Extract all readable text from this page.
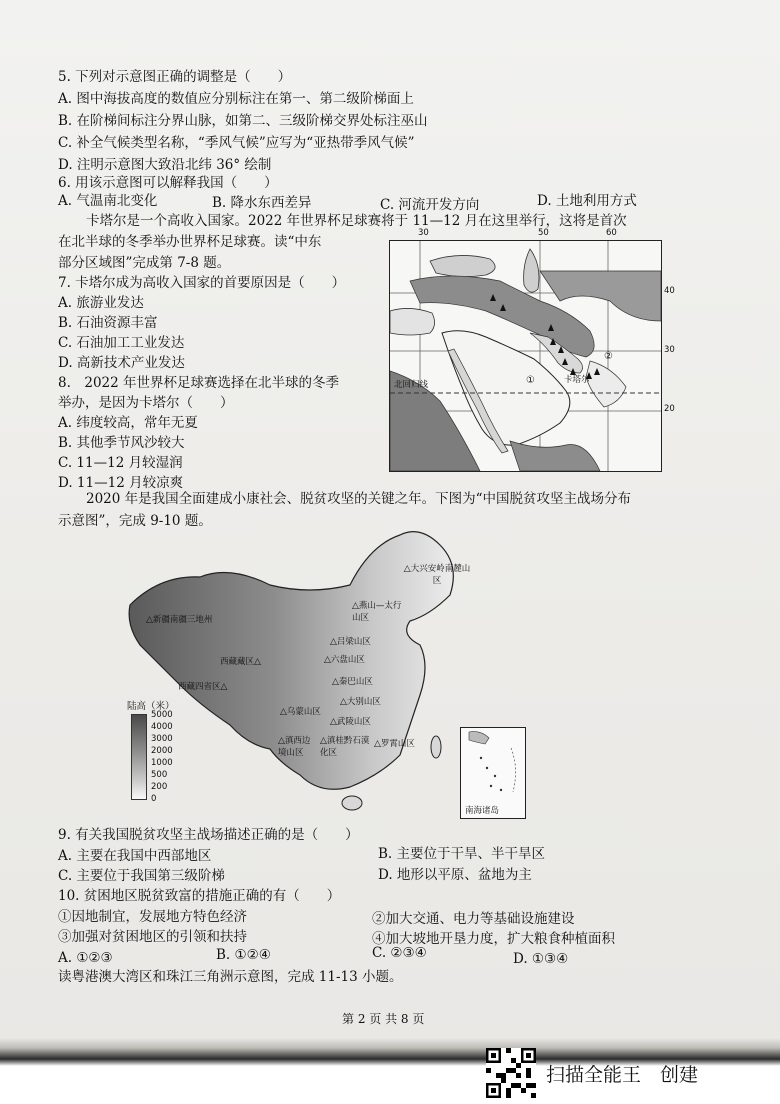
5. 下列对示意图正确的调整是（　　）
A. 图中海拔高度的数值应分别标注在第一、第二级阶梯面上
B. 在阶梯间标注分界山脉，如第二、三级阶梯交界处标注巫山
C. 补全气候类型名称，“季风气候”应写为“亚热带季风气候”
D. 注明示意图大致沿北纬 36° 绘制
6. 用该示意图可以解释我国（　　）
A. 气温南北变化	B. 降水东西差异	C. 河流开发方向	D. 土地利用方式
卡塔尔是一个高收入国家。2022 年世界杯足球赛将于 11—12 月在这里举行，这将是首次
在北半球的冬季举办世界杯足球赛。读“中东
部分区域图”完成第 7-8 题。
7. 卡塔尔成为高收入国家的首要原因是（　　）
A. 旅游业发达
B. 石油资源丰富
C. 石油加工工业发达
D. 高新技术产业发达
8.　2022 年世界杯足球赛选择在北半球的冬季
举办，是因为卡塔尔（　　）
A. 纬度较高，常年无夏
B. 其他季节风沙较大
C. 11—12 月较湿润
D. 11—12 月较凉爽
30	50	60
40
30
20
北回归线	①
②
卡塔尔
2020 年是我国全面建成小康社会、脱贫攻坚的关键之年。下图为“中国脱贫攻坚主战场分布
示意图”，完成 9-10 题。
△大兴安岭南麓山区
△燕山—太行山区
△新疆南疆三地州
△吕梁山区
△六盘山区
西藏藏区△
△秦巴山区
西藏四省区△
△大别山区
△乌蒙山区
△武陵山区
△罗霄山区
△滇西边境山区
△滇桂黔石漠化区
陆高（米）
5000
4000
3000
2000
1000
500
200
0
南海诸岛
9. 有关我国脱贫攻坚主战场描述正确的是（　　）
A. 主要在我国中西部地区	B. 主要位于干旱、半干旱区
C. 主要位于我国第三级阶梯	D. 地形以平原、盆地为主
10. 贫困地区脱贫致富的措施正确的有（　　）
①因地制宜，发展地方特色经济	②加大交通、电力等基础设施建设
③加强对贫困地区的引领和扶持	④加大坡地开垦力度，扩大粮食种植面积
A. ①②③	B. ①②④	C. ②③④	D. ①③④
读粤港澳大湾区和珠江三角洲示意图，完成 11-13 小题。
第 2 页 共 8 页
扫描全能王　创建
